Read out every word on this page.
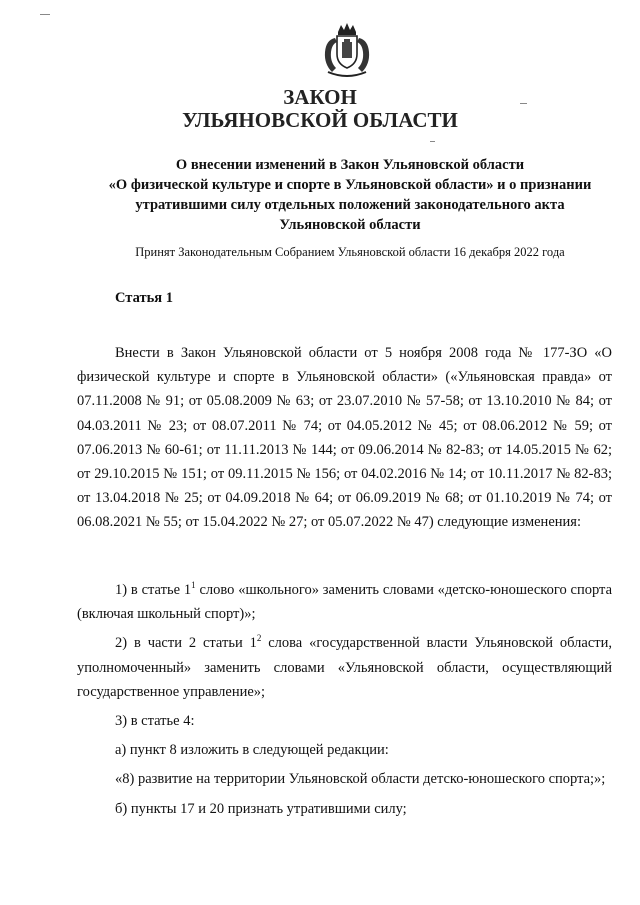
ЗАКОН
УЛЬЯНОВСКОЙ ОБЛАСТИ
О внесении изменений в Закон Ульяновской области
«О физической культуре и спорте в Ульяновской области» и о признании
утратившими силу отдельных положений законодательного акта
Ульяновской области
Принят Законодательным Собранием Ульяновской области 16 декабря 2022 года
Статья 1
Внести в Закон Ульяновской области от 5 ноября 2008 года № 177-ЗО «О физической культуре и спорте в Ульяновской области» («Ульяновская правда» от 07.11.2008 № 91; от 05.08.2009 № 63; от 23.07.2010 № 57-58; от 13.10.2010 № 84; от 04.03.2011 № 23; от 08.07.2011 № 74; от 04.05.2012 № 45; от 08.06.2012 № 59; от 07.06.2013 № 60-61; от 11.11.2013 № 144; от 09.06.2014 № 82-83; от 14.05.2015 № 62; от 29.10.2015 № 151; от 09.11.2015 № 156; от 04.02.2016 № 14; от 10.11.2017 № 82-83; от 13.04.2018 № 25; от 04.09.2018 № 64; от 06.09.2019 № 68; от 01.10.2019 № 74; от 06.08.2021 № 55; от 15.04.2022 № 27; от 05.07.2022 № 47) следующие изменения:

1) в статье $1^1$ слово «школьного» заменить словами «детско-юношеского спорта (включая школьный спорт)»;

2) в части 2 статьи $1^2$ слова «государственной власти Ульяновской области, уполномоченный» заменить словами «Ульяновской области, осуществляющий государственное управление»;

3) в статье 4:

а) пункт 8 изложить в следующей редакции:

«8) развитие на территории Ульяновской области детско-юношеского спорта;»;

б) пункты 17 и 20 признать утратившими силу;
